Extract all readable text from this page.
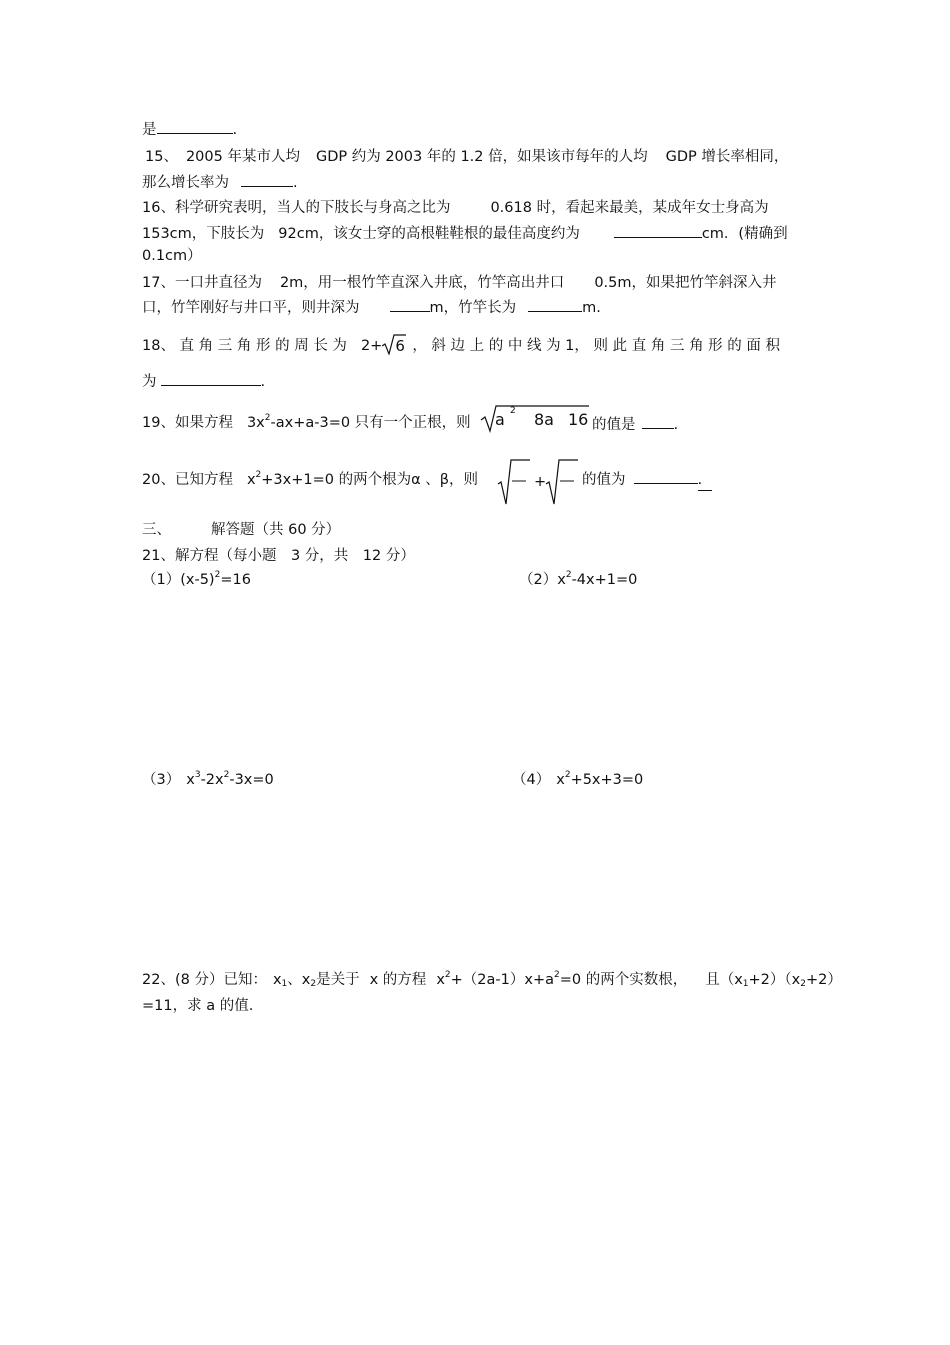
是	.
15、 2005 年某市人均 GDP 约为 2003 年的 1.2 倍，如果该市每年的人均 GDP 增长率相同，
那么增长率为	.
16、科学研究表明，当人的下肢长与身高之比为	0.618 时，看起来最美，某成年女士身高为
153cm，下肢长为 92cm，该女士穿的高根鞋鞋根的最佳高度约为	cm．(精确到
0.1cm）
17、一口井直径为 2m，用一根竹竿直深入井底，竹竿高出井口 0.5m，如果把竹竿斜深入井
口，竹竿刚好与井口平，则井深为	m，竹竿长为	m.
18、 直 角 三 角 形 的 周 长 为 2+ 6 ， 斜 边 上 的 中 线 为 1， 则 此 直 角 三 角 形 的 面 积
为	.
19、如果方程 $3x^2-ax+a-3=0$ 只有一个正根，则 a 2 8a 16 的值是	.
20、已知方程 $x^2+3x+1=0$ 的两个根为α 、β，则	+ 的值为	.
三、	解答题（共 60 分）
21、解方程（每小题　3 分，共　12 分）
$(1)(x-5)^2=16$	$(2)x^2-4x+1=0$
（3） $x^3-2x^2-3x=0$	（4） $x^2+5x+3=0$
22、(8 分）已知： $x_1$、$x_2$是关于 x 的方程 $x^2+(2a-1)x+a^2=0$ 的两个实数根， 且$(x_1+2)(x_2+2)$
=11，求 a 的值.
